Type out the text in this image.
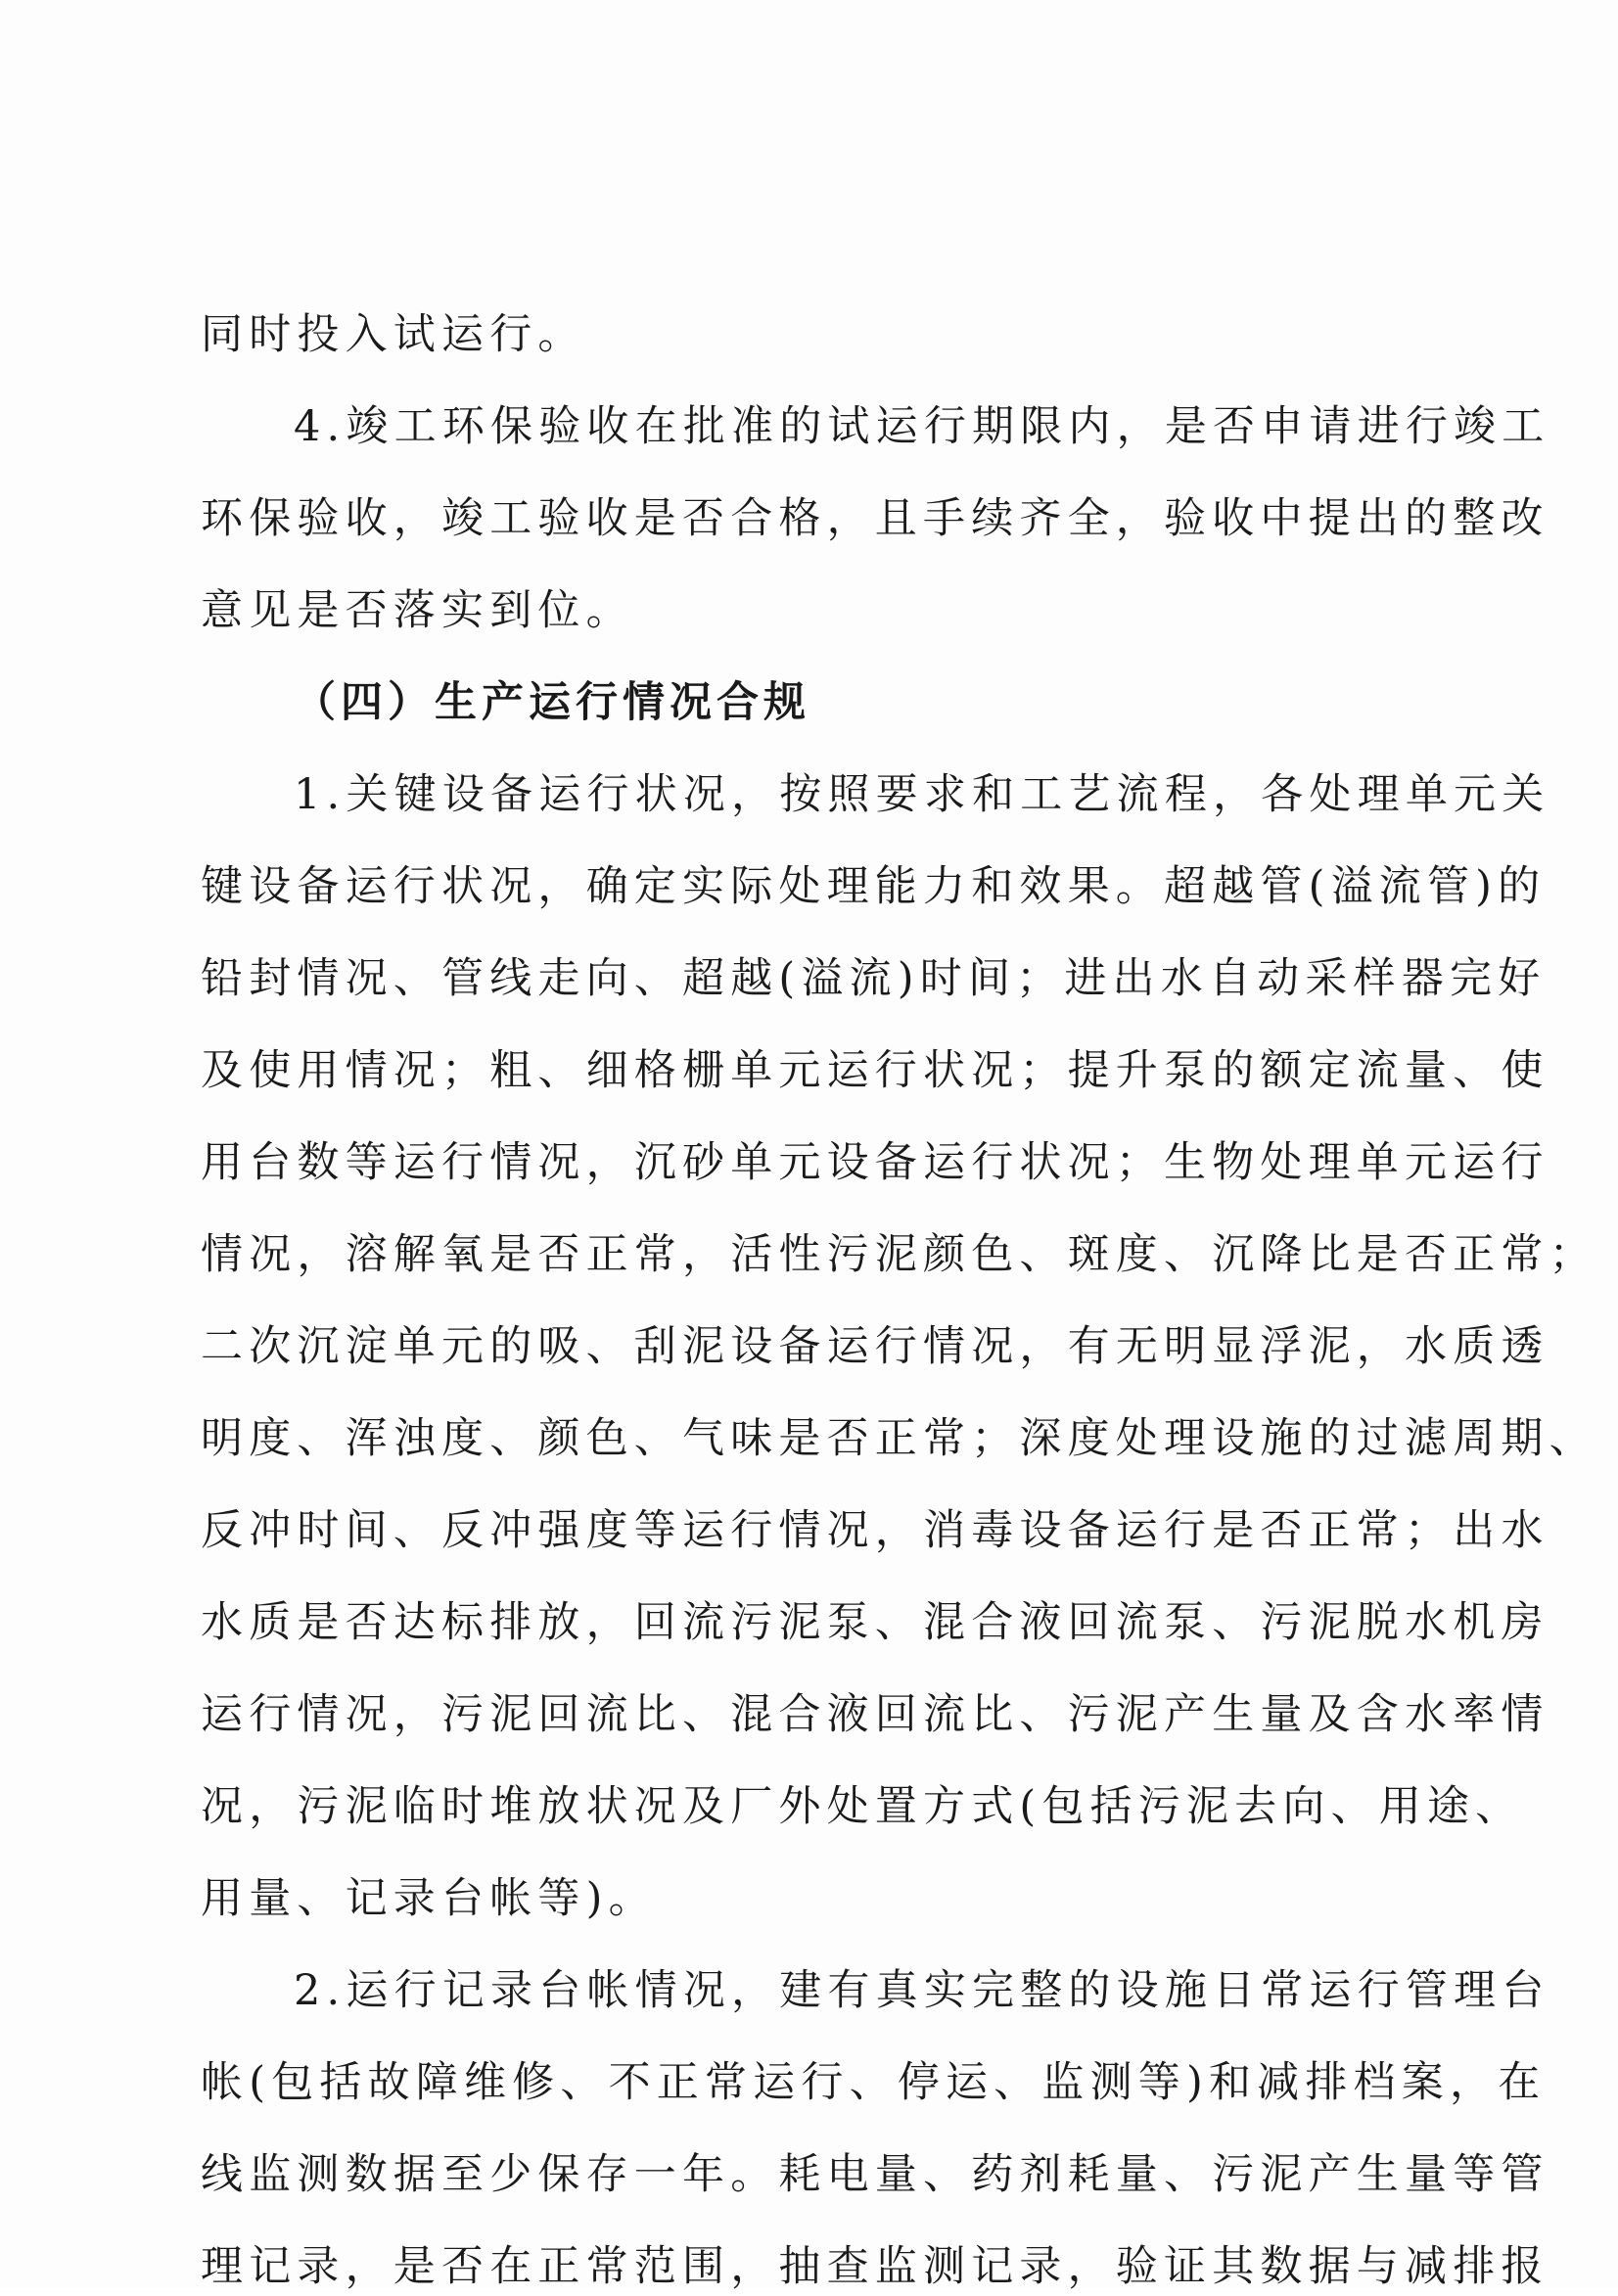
同时投入试运行。
4.竣工环保验收在批准的试运行期限内，是否申请进行竣工
环保验收，竣工验收是否合格，且手续齐全，验收中提出的整改
意见是否落实到位。
（四）生产运行情况合规
1.关键设备运行状况，按照要求和工艺流程，各处理单元关
键设备运行状况，确定实际处理能力和效果。超越管(溢流管)的
铅封情况、管线走向、超越(溢流)时间；进出水自动采样器完好
及使用情况；粗、细格栅单元运行状况；提升泵的额定流量、使
用台数等运行情况，沉砂单元设备运行状况；生物处理单元运行
情况，溶解氧是否正常，活性污泥颜色、斑度、沉降比是否正常；
二次沉淀单元的吸、刮泥设备运行情况，有无明显浮泥，水质透
明度、浑浊度、颜色、气味是否正常；深度处理设施的过滤周期、
反冲时间、反冲强度等运行情况，消毒设备运行是否正常；出水
水质是否达标排放，回流污泥泵、混合液回流泵、污泥脱水机房
运行情况，污泥回流比、混合液回流比、污泥产生量及含水率情
况，污泥临时堆放状况及厂外处置方式(包括污泥去向、用途、
用量、记录台帐等)。
2.运行记录台帐情况，建有真实完整的设施日常运行管理台
帐(包括故障维修、不正常运行、停运、监测等)和减排档案，在
线监测数据至少保存一年。耗电量、药剂耗量、污泥产生量等管
理记录，是否在正常范围，抽查监测记录，验证其数据与减排报
